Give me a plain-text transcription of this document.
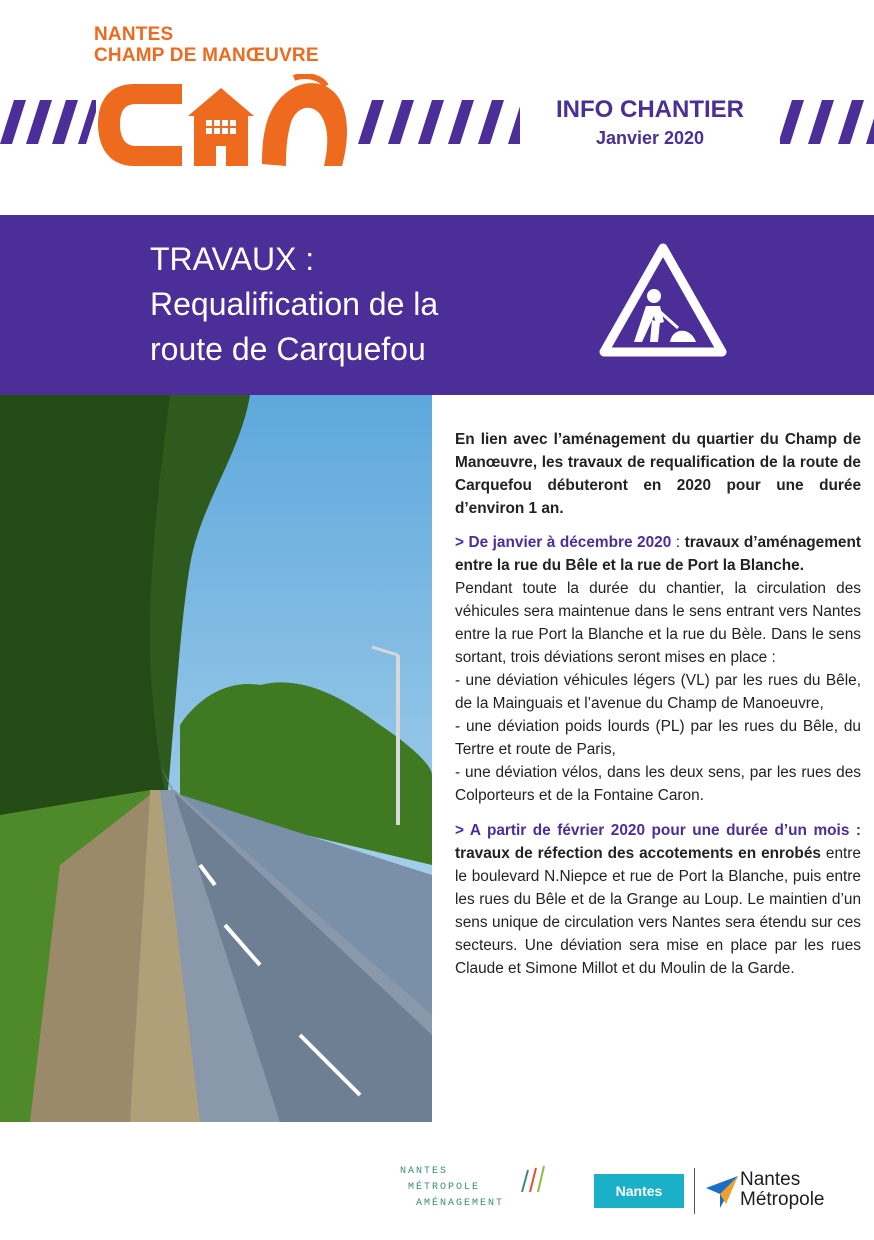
NANTES
CHAMP DE MANŒUVRE
INFO CHANTIER
Janvier 2020
TRAVAUX :
Requalification de la
route de Carquefou

En lien avec l’aménagement du quartier du Champ de Manœuvre, les travaux de requalification de la route de Carquefou débuteront en 2020 pour une durée d’environ 1 an.

> De janvier à décembre 2020 : travaux d’aménagement entre la rue du Bêle et la rue de Port la Blanche.

Pendant toute la durée du chantier, la circulation des véhicules sera maintenue dans le sens entrant vers Nantes entre la rue Port la Blanche et la rue du Bèle. Dans le sens sortant, trois déviations seront mises en place :

- une déviation véhicules légers (VL) par les rues du Bêle, de la Mainguais et l’avenue du Champ de Manoeuvre,

- une déviation poids lourds (PL) par les rues du Bêle, du Tertre et route de Paris,

- une déviation vélos, dans les deux sens, par les rues des Colporteurs et de la Fontaine Caron.

> A partir de février 2020 pour une durée d’un mois : travaux de réfection des accotements en enrobés entre le boulevard N.Niepce et rue de Port la Blanche, puis entre les rues du Bêle et de la Grange au Loup. Le maintien d’un sens unique de circulation vers Nantes sera étendu sur ces secteurs. Une déviation sera mise en place par les rues Claude et Simone Millot et du Moulin de la Garde.

NANTES
MÉTROPOLE
AMÉNAGEMENT
Nantes
Nantes
Métropole
